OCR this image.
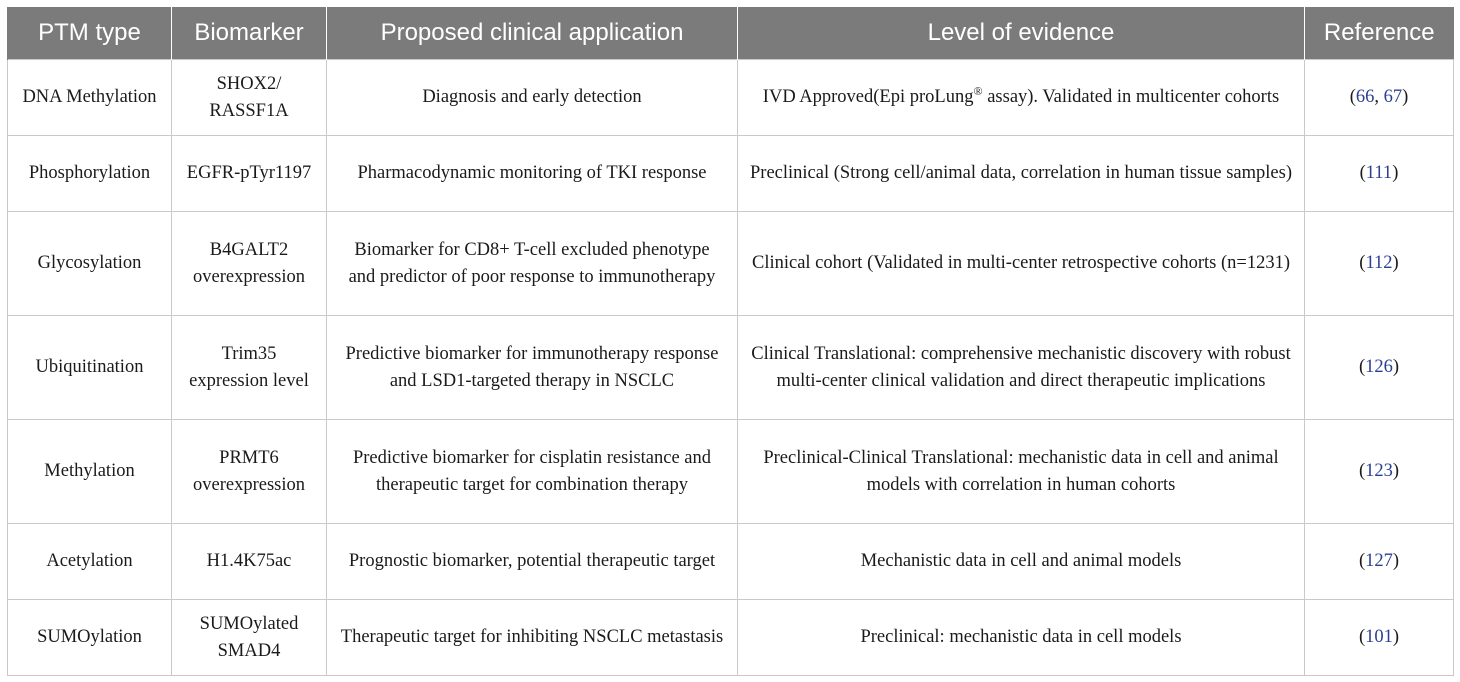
PTM type	Biomarker	Proposed clinical application	Level of evidence	Reference
DNA Methylation	SHOX2/ RASSF1A	Diagnosis and early detection	IVD Approved(Epi proLung® assay). Validated in multicenter cohorts	(66, 67)
Phosphorylation	EGFR-pTyr1197	Pharmacodynamic monitoring of TKI response	Preclinical (Strong cell/animal data, correlation in human tissue samples)	(111)
Glycosylation	B4GALT2 overexpression	Biomarker for CD8+ T-cell excluded phenotype and predictor of poor response to immunotherapy	Clinical cohort (Validated in multi-center retrospective cohorts (n=1231)	(112)
Ubiquitination	Trim35 expression level	Predictive biomarker for immunotherapy response and LSD1-targeted therapy in NSCLC	Clinical Translational: comprehensive mechanistic discovery with robust multi-center clinical validation and direct therapeutic implications	(126)
Methylation	PRMT6 overexpression	Predictive biomarker for cisplatin resistance and therapeutic target for combination therapy	Preclinical-Clinical Translational: mechanistic data in cell and animal models with correlation in human cohorts	(123)
Acetylation	H1.4K75ac	Prognostic biomarker, potential therapeutic target	Mechanistic data in cell and animal models	(127)
SUMOylation	SUMOylated SMAD4	Therapeutic target for inhibiting NSCLC metastasis	Preclinical: mechanistic data in cell models	(101)
